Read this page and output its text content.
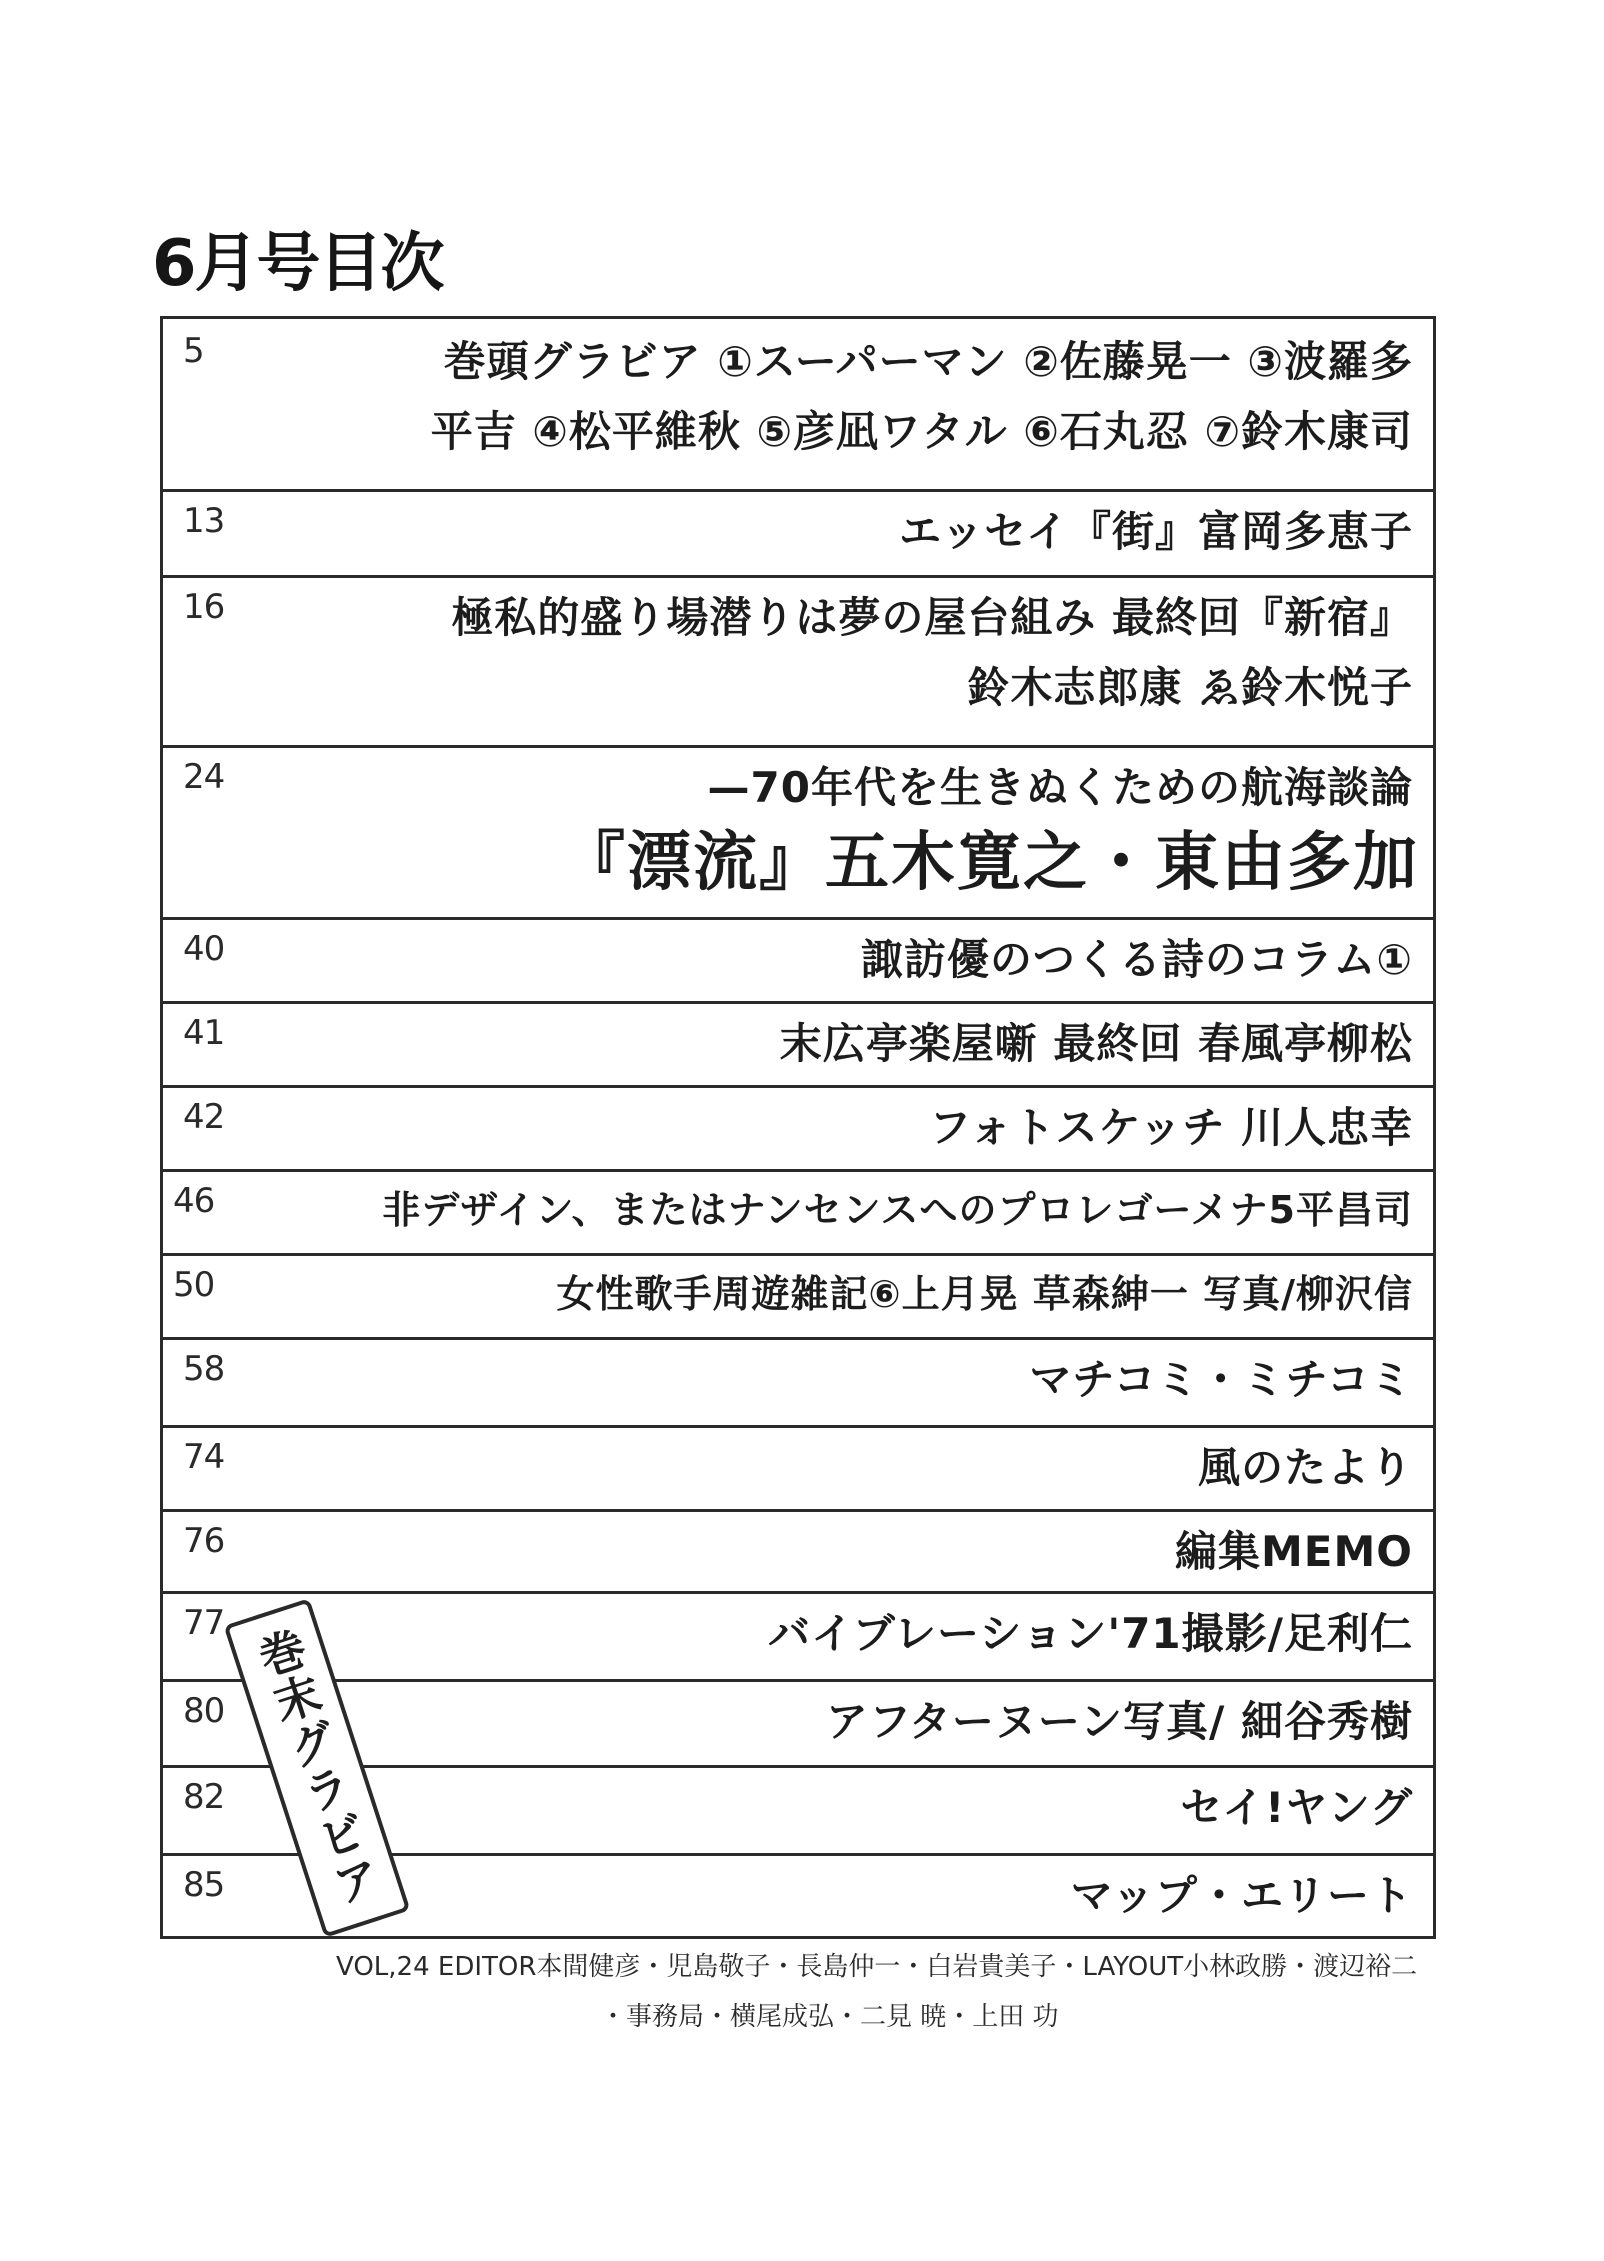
6月号目次
5	巻頭グラビア ①スーパーマン ②佐藤晃一 ③波羅多
平吉 ④松平維秋 ⑤彦凪ワタル ⑥石丸忍 ⑦鈴木康司
13	エッセイ『街』富岡多恵子
16	極私的盛り場潜りは夢の屋台組み 最終回『新宿』
鈴木志郎康 ゑ鈴木悦子
24	—70年代を生きぬくための航海談論
『漂流』五木寛之・東由多加
40	諏訪優のつくる詩のコラム①
41	末広亭楽屋噺 最終回 春風亭柳松
42	フォトスケッチ 川人忠幸
46	非デザイン、またはナンセンスへのプロレゴーメナ5平昌司
50	女性歌手周遊雑記⑥上月晃 草森紳一 写真/柳沢信
58	マチコミ・ミチコミ
74	風のたより
76	編集MEMO
77	バイブレーション'71撮影/足利仁
80	アフターヌーン写真/ 細谷秀樹
82	セイ!ヤング
85	マップ・エリート
巻末グラビア
VOL,24 EDITOR本間健彦・児島敬子・長島仲一・白岩貴美子・LAYOUT小林政勝・渡辺裕二
・事務局・横尾成弘・二見 暁・上田 功
